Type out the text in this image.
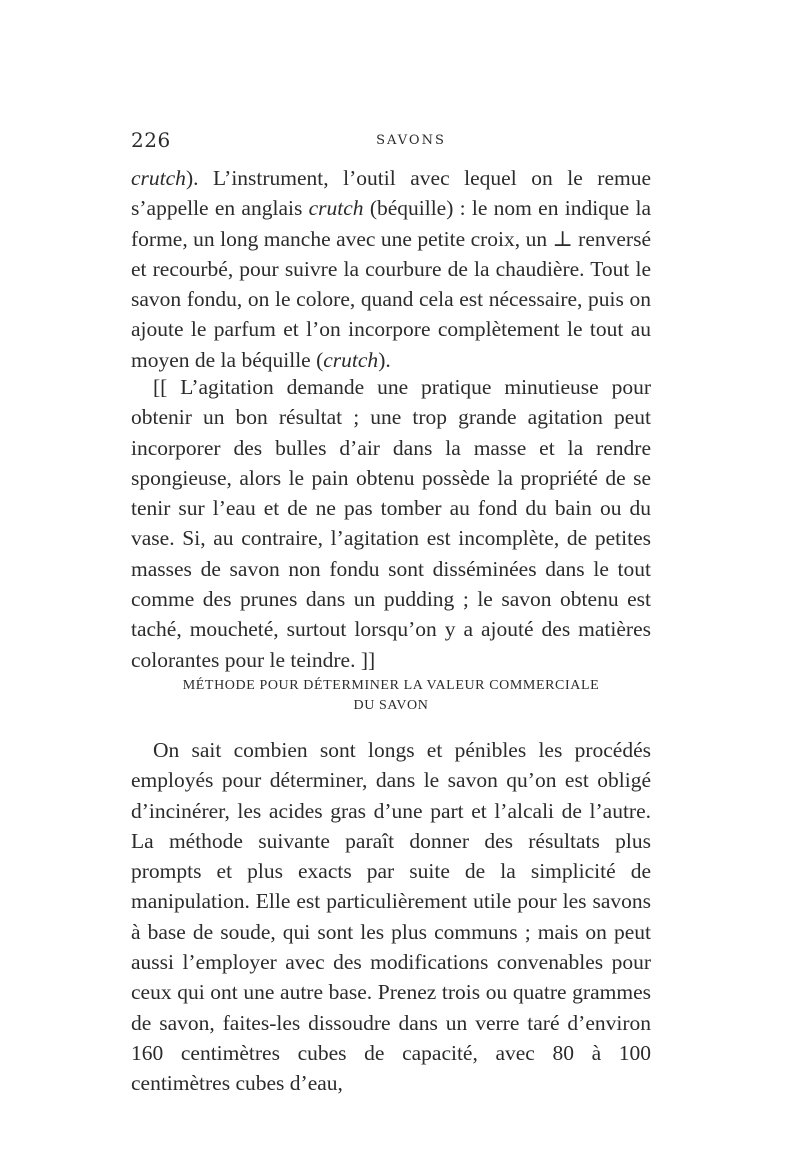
226	SAVONS

crutch). L’instrument, l’outil avec lequel on le remue s’appelle en anglais crutch (béquille) : le nom en indique la forme, un long manche avec une petite croix, un ⊥ renversé et recourbé, pour suivre la courbure de la chaudière. Tout le savon fondu, on le colore, quand cela est nécessaire, puis on ajoute le parfum et l’on incorpore complètement le tout au moyen de la béquille (crutch).

[[ L’agitation demande une pratique minutieuse pour obtenir un bon résultat ; une trop grande agitation peut incorporer des bulles d’air dans la masse et la rendre spongieuse, alors le pain obtenu possède la propriété de se tenir sur l’eau et de ne pas tomber au fond du bain ou du vase. Si, au contraire, l’agitation est incomplète, de petites masses de savon non fondu sont disséminées dans le tout comme des prunes dans un pudding ; le savon obtenu est taché, moucheté, surtout lorsqu’on y a ajouté des matières colorantes pour le teindre. ]]

MÉTHODE POUR DÉTERMINER LA VALEUR COMMERCIALE
DU SAVON

On sait combien sont longs et pénibles les procédés employés pour déterminer, dans le savon qu’on est obligé d’incinérer, les acides gras d’une part et l’alcali de l’autre. La méthode suivante paraît donner des résultats plus prompts et plus exacts par suite de la simplicité de manipulation. Elle est particulièrement utile pour les savons à base de soude, qui sont les plus communs ; mais on peut aussi l’employer avec des modifications convenables pour ceux qui ont une autre base. Prenez trois ou quatre grammes de savon, faites-les dissoudre dans un verre taré d’environ 160 centimètres cubes de capacité, avec 80 à 100 centimètres cubes d’eau,
